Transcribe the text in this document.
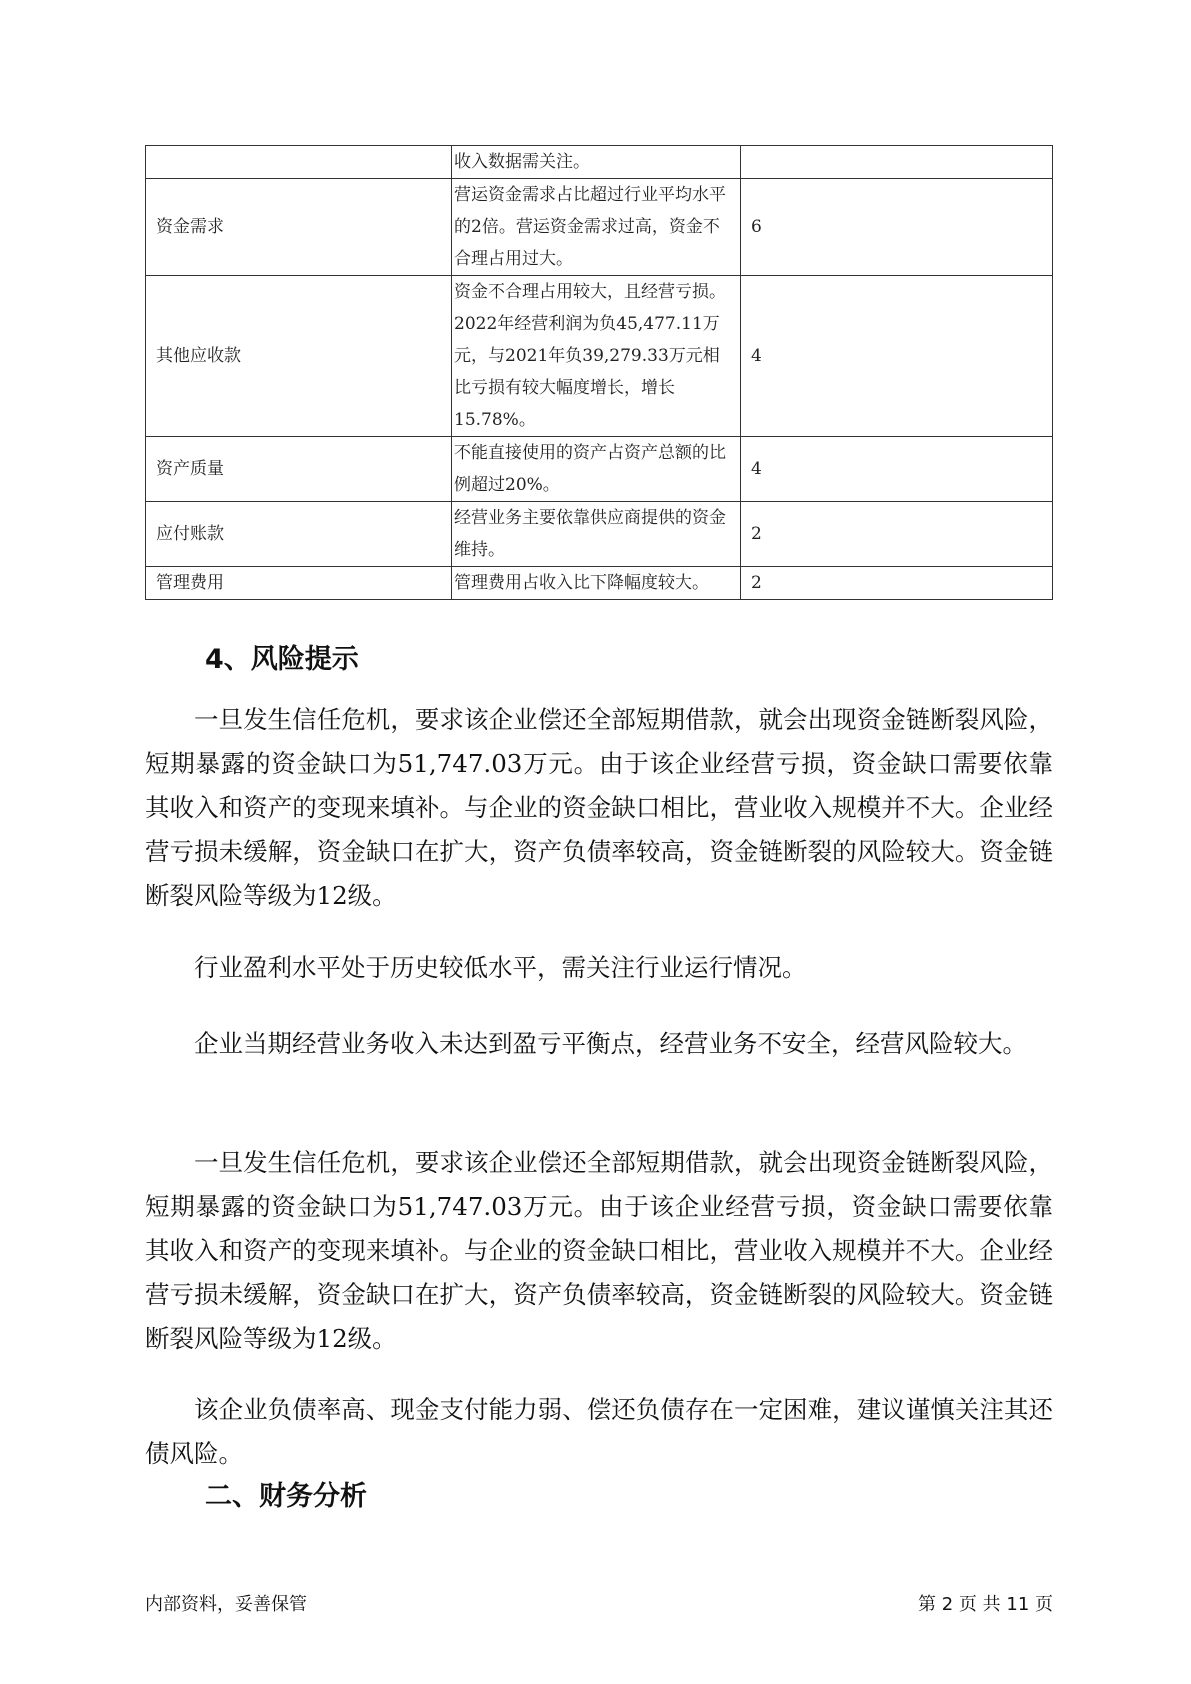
	收入数据需关注。	
资金需求	营运资金需求占比超过行业平均水平的2倍。营运资金需求过高，资金不合理占用过大。	6
其他应收款	资金不合理占用较大，且经营亏损。2022年经营利润为负45,477.11万元，与2021年负39,279.33万元相比亏损有较大幅度增长，增长15.78%。	4
资产质量	不能直接使用的资产占资产总额的比例超过20%。	4
应付账款	经营业务主要依靠供应商提供的资金维持。	2
管理费用	管理费用占收入比下降幅度较大。	2
4、风险提示

一旦发生信任危机，要求该企业偿还全部短期借款，就会出现资金链断裂风险，短期暴露的资金缺口为51,747.03万元。由于该企业经营亏损，资金缺口需要依靠其收入和资产的变现来填补。与企业的资金缺口相比，营业收入规模并不大。企业经营亏损未缓解，资金缺口在扩大，资产负债率较高，资金链断裂的风险较大。资金链断裂风险等级为12级。

行业盈利水平处于历史较低水平，需关注行业运行情况。

企业当期经营业务收入未达到盈亏平衡点，经营业务不安全，经营风险较大。

一旦发生信任危机，要求该企业偿还全部短期借款，就会出现资金链断裂风险，短期暴露的资金缺口为51,747.03万元。由于该企业经营亏损，资金缺口需要依靠其收入和资产的变现来填补。与企业的资金缺口相比，营业收入规模并不大。企业经营亏损未缓解，资金缺口在扩大，资产负债率较高，资金链断裂的风险较大。资金链断裂风险等级为12级。

该企业负债率高、现金支付能力弱、偿还负债存在一定困难，建议谨慎关注其还债风险。

二、财务分析
内部资料，妥善保管	第 2 页 共 11 页
